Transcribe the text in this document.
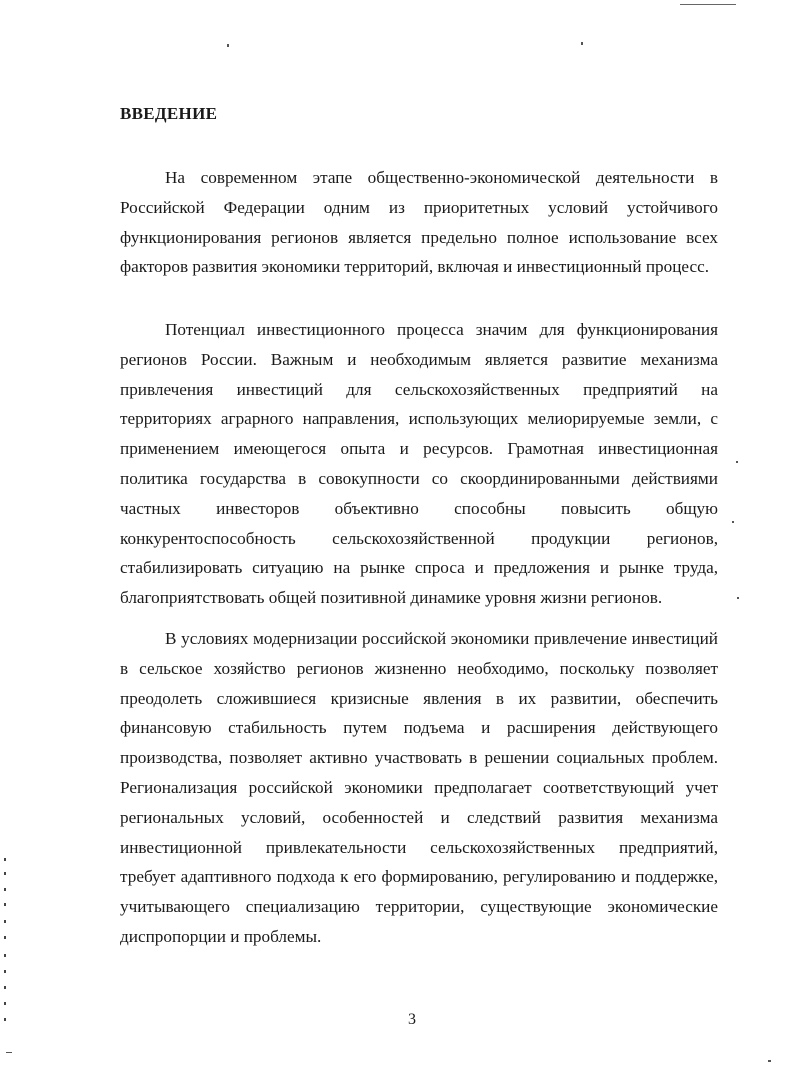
ВВЕДЕНИЕ

На современном этапе общественно-экономической деятельности в Российской Федерации одним из приоритетных условий устойчивого функционирования регионов является предельно полное использование всех факторов развития экономики территорий, включая и инвестиционный процесс.

Потенциал инвестиционного процесса значим для функционирования регионов России. Важным и необходимым является развитие механизма привлечения инвестиций для сельскохозяйственных предприятий на территориях аграрного направления, использующих мелиорируемые земли, с применением имеющегося опыта и ресурсов. Грамотная инвестиционная политика государства в совокупности со скоординированными действиями частных инвесторов объективно способны повысить общую конкурентоспособность сельскохозяйственной продукции регионов, стабилизировать ситуацию на рынке спроса и предложения и рынке труда, благоприятствовать общей позитивной динамике уровня жизни регионов.

В условиях модернизации российской экономики привлечение инвестиций в сельское хозяйство регионов жизненно необходимо, поскольку позволяет преодолеть сложившиеся кризисные явления в их развитии, обеспечить финансовую стабильность путем подъема и расширения действующего производства, позволяет активно участвовать в решении социальных проблем. Регионализация российской экономики предполагает соответствующий учет региональных условий, особенностей и следствий развития механизма инвестиционной привлекательности сельскохозяйственных предприятий, требует адаптивного подхода к его формированию, регулированию и поддержке, учитывающего специализацию территории, существующие экономические диспропорции и проблемы.

3
